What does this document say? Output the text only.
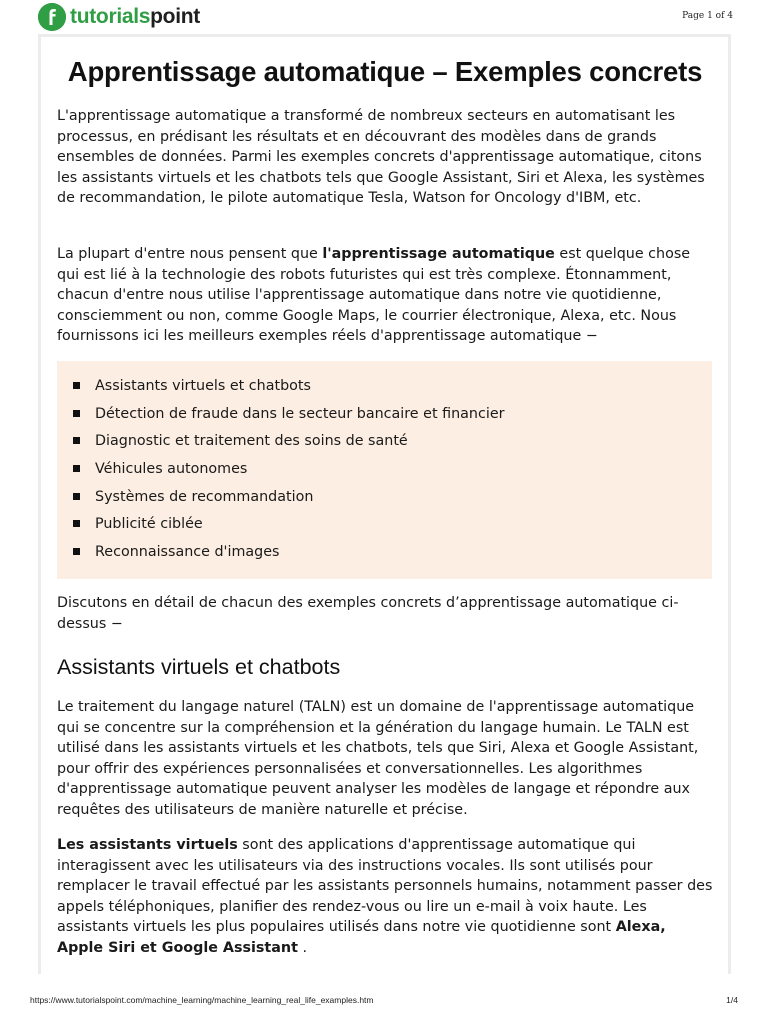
tutorialspoint	Page 1 of 4
Apprentissage automatique – Exemples concrets

L'apprentissage automatique a transformé de nombreux secteurs en automatisant les processus, en prédisant les résultats et en découvrant des modèles dans de grands ensembles de données. Parmi les exemples concrets d'apprentissage automatique, citons les assistants virtuels et les chatbots tels que Google Assistant, Siri et Alexa, les systèmes de recommandation, le pilote automatique Tesla, Watson for Oncology d'IBM, etc.

La plupart d'entre nous pensent que l'apprentissage automatique est quelque chose qui est lié à la technologie des robots futuristes qui est très complexe. Étonnamment, chacun d'entre nous utilise l'apprentissage automatique dans notre vie quotidienne, consciemment ou non, comme Google Maps, le courrier électronique, Alexa, etc. Nous fournissons ici les meilleurs exemples réels d'apprentissage automatique −

Assistants virtuels et chatbots
Détection de fraude dans le secteur bancaire et financier
Diagnostic et traitement des soins de santé
Véhicules autonomes
Systèmes de recommandation
Publicité ciblée
Reconnaissance d'images

Discutons en détail de chacun des exemples concrets d’apprentissage automatique ci-dessus −

Assistants virtuels et chatbots

Le traitement du langage naturel (TALN) est un domaine de l'apprentissage automatique qui se concentre sur la compréhension et la génération du langage humain. Le TALN est utilisé dans les assistants virtuels et les chatbots, tels que Siri, Alexa et Google Assistant, pour offrir des expériences personnalisées et conversationnelles. Les algorithmes d'apprentissage automatique peuvent analyser les modèles de langage et répondre aux requêtes des utilisateurs de manière naturelle et précise.

Les assistants virtuels sont des applications d'apprentissage automatique qui interagissent avec les utilisateurs via des instructions vocales. Ils sont utilisés pour remplacer le travail effectué par les assistants personnels humains, notamment passer des appels téléphoniques, planifier des rendez-vous ou lire un e-mail à voix haute. Les assistants virtuels les plus populaires utilisés dans notre vie quotidienne sont Alexa, Apple Siri et Google Assistant .

https://www.tutorialspoint.com/machine_learning/machine_learning_real_life_examples.htm	1/4
